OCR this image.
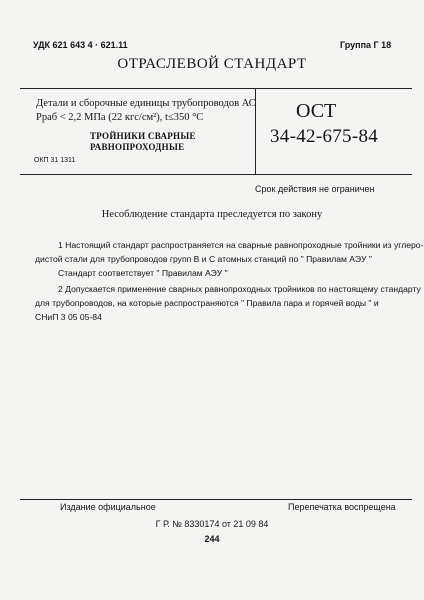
УДК 621 643 4 · 621.11	Группа Г 18
ОТРАСЛЕВОЙ СТАНДАРТ
Детали и сборочные единицы трубопроводов АС
Рраб < 2,2 МПа (22 кгс/см²), t≤350 °С
ТРОЙНИКИ СВАРНЫЕ
РАВНОПРОХОДНЫЕ
ОКП 31 1311
ОСТ
34-42-675-84
Срок действия не ограничен
Несоблюдение стандарта преследуется по закону
1 Настоящий стандарт распространяется на сварные равнопроходные тройники из углеро-
дистой стали для трубопроводов групп В и С атомных станций по " Правилам АЭУ "
Стандарт соответствует " Правилам АЭУ "
2 Допускается применение сварных равнопроходных тройников по настоящему стандарту
для трубопроводов, на которые распространяются " Правила пара и горячей воды " и
СНиП 3 05 05-84
Издание официальное	Перепечатка воспрещена
Г Р. № 8330174 от 21 09 84
244
